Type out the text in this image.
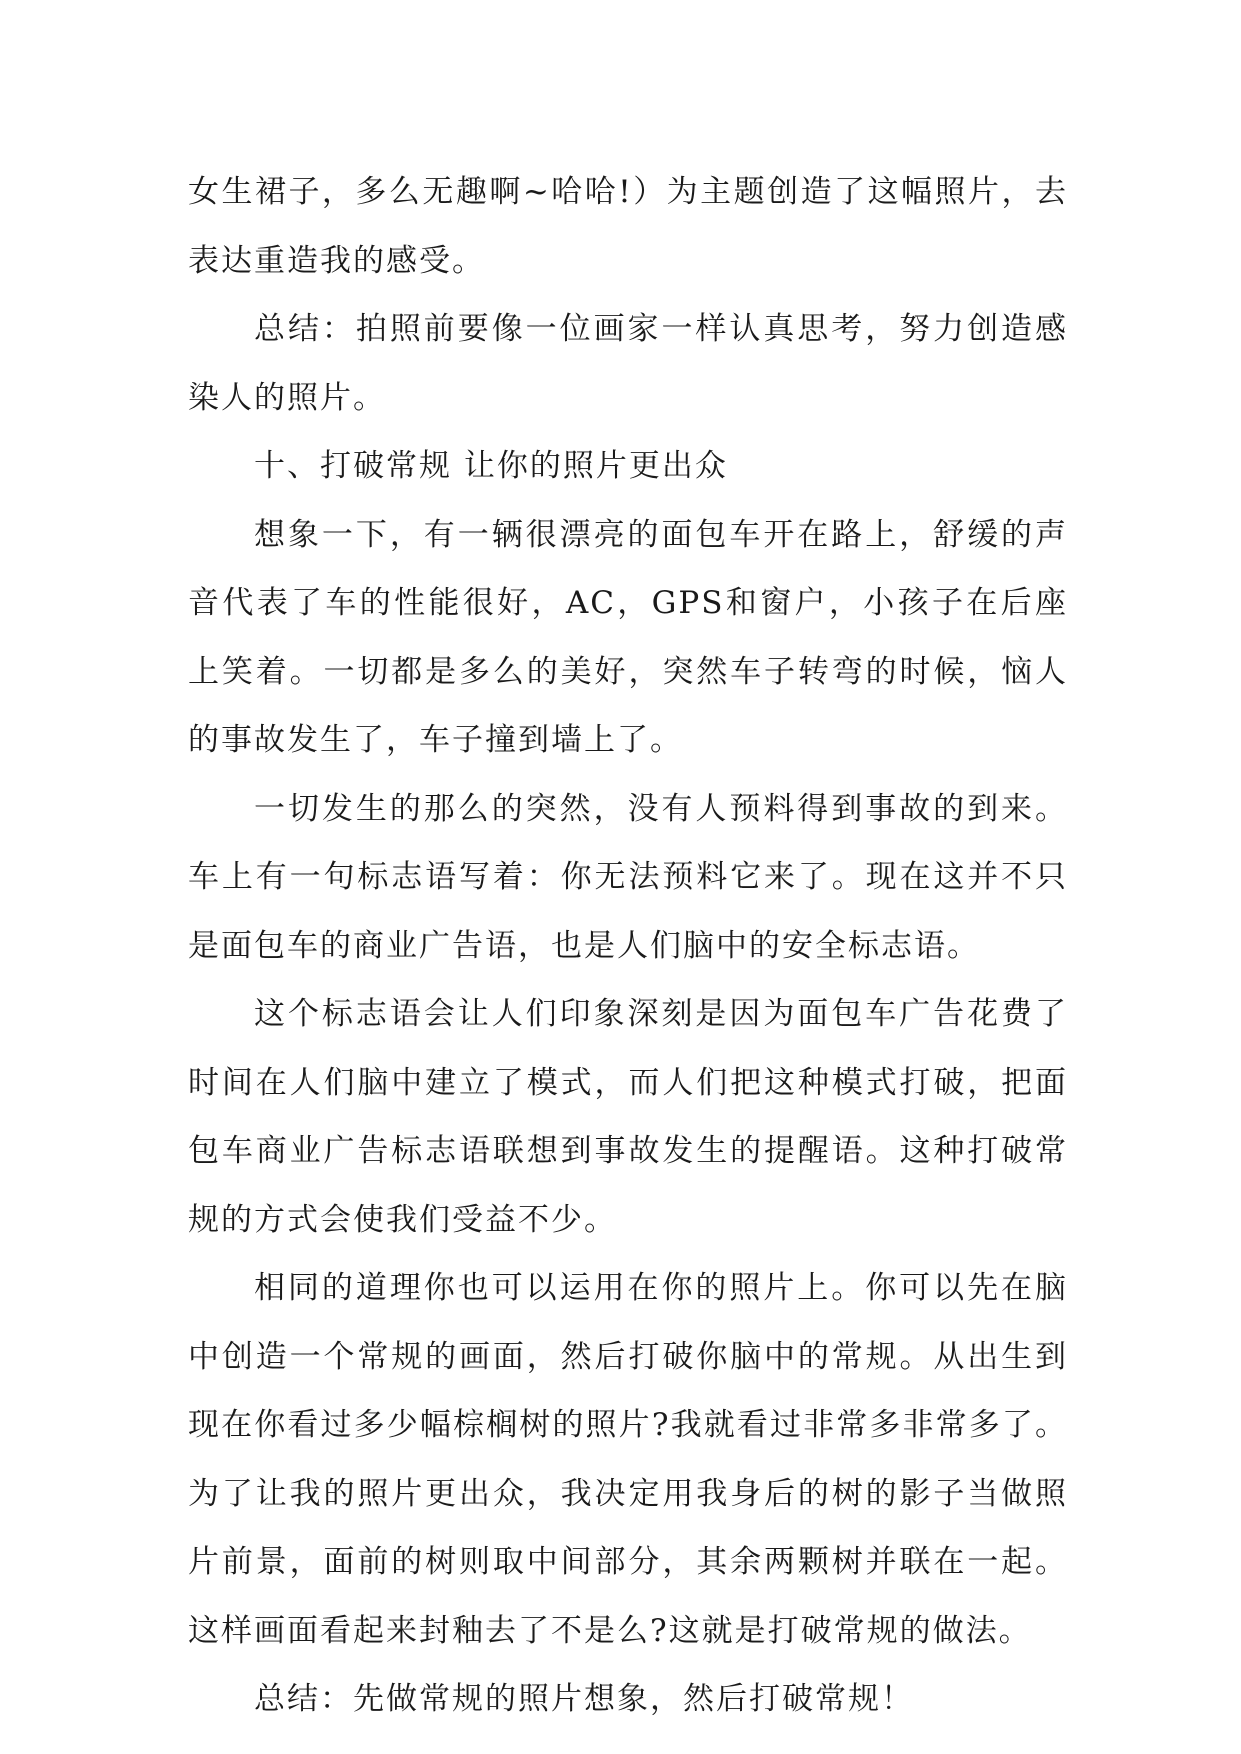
女生裙子，多么无趣啊~哈哈!）为主题创造了这幅照片，去表达重造我的感受。

总结：拍照前要像一位画家一样认真思考，努力创造感染人的照片。

十、打破常规 让你的照片更出众

想象一下，有一辆很漂亮的面包车开在路上，舒缓的声音代表了车的性能很好，AC，GPS和窗户，小孩子在后座上笑着。一切都是多么的美好，突然车子转弯的时候，恼人的事故发生了，车子撞到墙上了。

一切发生的那么的突然，没有人预料得到事故的到来。车上有一句标志语写着：你无法预料它来了。现在这并不只是面包车的商业广告语，也是人们脑中的安全标志语。

这个标志语会让人们印象深刻是因为面包车广告花费了时间在人们脑中建立了模式，而人们把这种模式打破，把面包车商业广告标志语联想到事故发生的提醒语。这种打破常规的方式会使我们受益不少。

相同的道理你也可以运用在你的照片上。你可以先在脑中创造一个常规的画面，然后打破你脑中的常规。从出生到现在你看过多少幅棕榈树的照片?我就看过非常多非常多了。为了让我的照片更出众，我决定用我身后的树的影子当做照片前景，面前的树则取中间部分，其余两颗树并联在一起。这样画面看起来封釉去了不是么?这就是打破常规的做法。

总结：先做常规的照片想象，然后打破常规！
